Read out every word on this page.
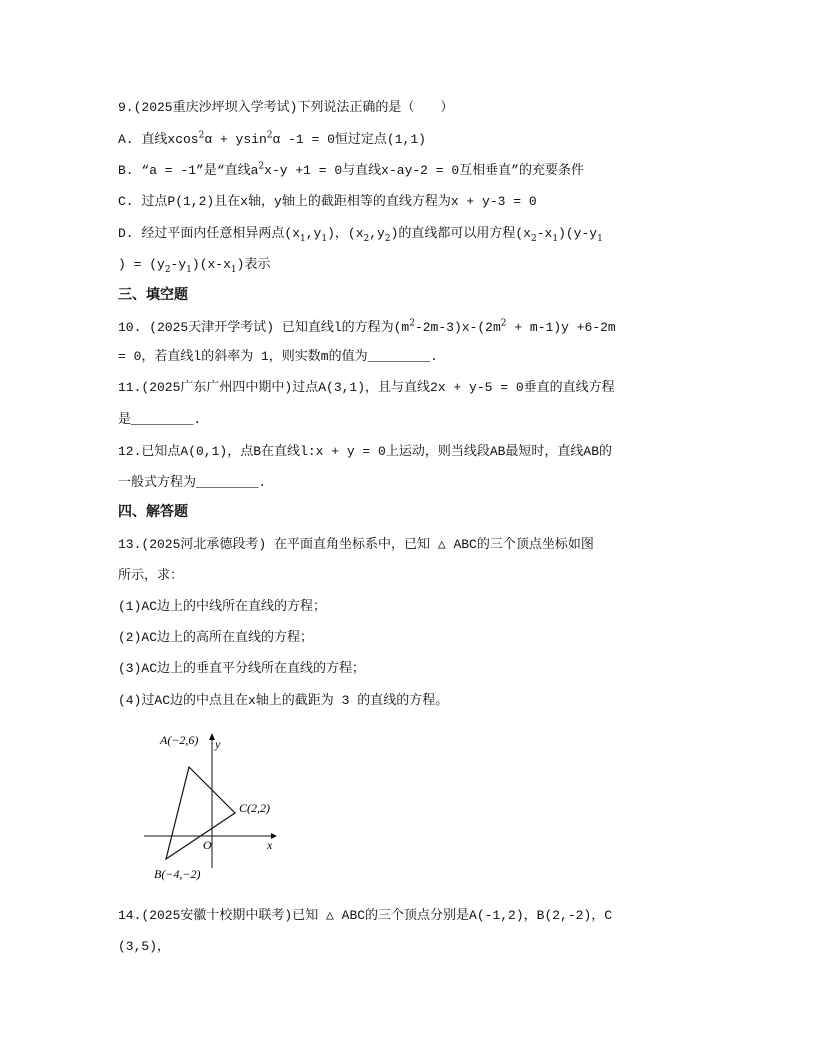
9.(2025重庆沙坪坝入学考试)下列说法正确的是（　　）
A. 直线xcos$^2$α + ysin$^2$α -1 = 0恒过定点(1,1)
B. “a = -1”是“直线$a^2x-y +1 = 0$与直线x-ay-2 = 0互相垂直”的充要条件
C. 过点P(1,2)且在x轴，y轴上的截距相等的直线方程为x + y-3 = 0
D. 经过平面内任意相异两点$(x_1,y_1)$，$(x_2,y_2)$的直线都可以用方程$(x_2-x_1)(y-y_1$
) = $(y_2-y_1)(x-x_1)$表示
三、填空题
10. (2025天津开学考试) 已知直线l的方程为$(m^2-2m-3)x-(2m^2 + m-1)y +6-2m$
= 0，若直线l的斜率为 1，则实数m的值为________.
11.(2025广东广州四中期中)过点A(3,1)，且与直线2x + y-5 = 0垂直的直线方程
是________.
12.已知点A(0,1)，点B在直线l:x + y = 0上运动，则当线段AB最短时，直线AB的
一般式方程为________.
四、解答题
13.(2025河北承德段考) 在平面直角坐标系中，已知 △ ABC的三个顶点坐标如图
所示，求：
(1)AC边上的中线所在直线的方程；
(2)AC边上的高所在直线的方程；
(3)AC边上的垂直平分线所在直线的方程；
(4)过AC边的中点且在x轴上的截距为 3 的直线的方程。
A(−2,6)
B(−4,−2)
C(2,2)
O	x
y
14.(2025安徽十校期中联考)已知 △ ABC的三个顶点分别是A(-1,2)，B(2,-2)，C
(3,5)，
